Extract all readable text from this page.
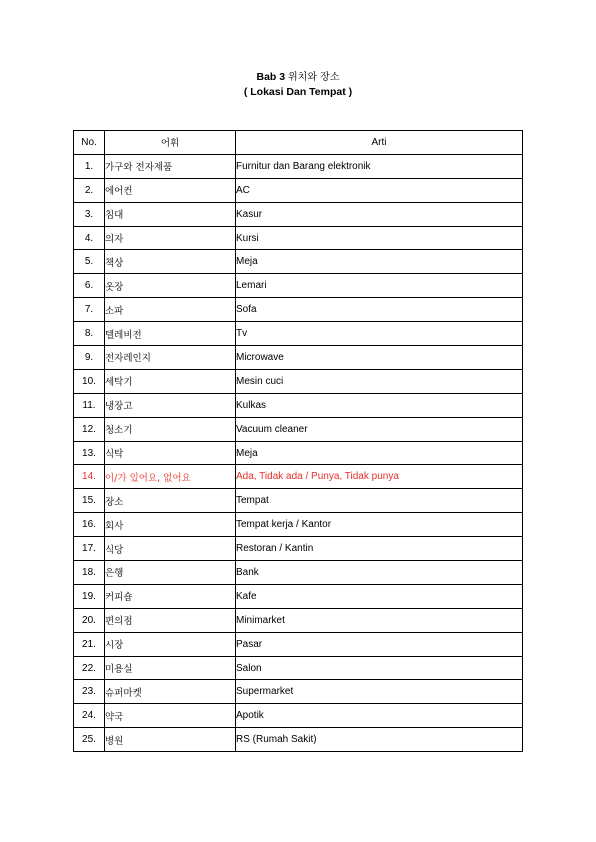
Bab 3 위치와 장소
( Lokasi Dan Tempat )
No.	어휘	Arti
1.	가구와 전자제품	Furnitur dan Barang elektronik
2.	에어컨	AC
3.	침대	Kasur
4.	의자	Kursi
5.	책상	Meja
6.	옷장	Lemari
7.	소파	Sofa
8.	텔레비전	Tv
9.	전자레인지	Microwave
10.	세탁기	Mesin cuci
11.	냉장고	Kulkas
12.	청소기	Vacuum cleaner
13.	식탁	Meja
14.	이/가 있어요, 없어요	Ada, Tidak ada / Punya, Tidak punya
15.	장소	Tempat
16.	회사	Tempat kerja / Kantor
17.	식당	Restoran / Kantin
18.	은행	Bank
19.	커피숍	Kafe
20.	편의점	Minimarket
21.	시장	Pasar
22.	미용실	Salon
23.	슈퍼마켓	Supermarket
24.	약국	Apotik
25.	병원	RS (Rumah Sakit)
